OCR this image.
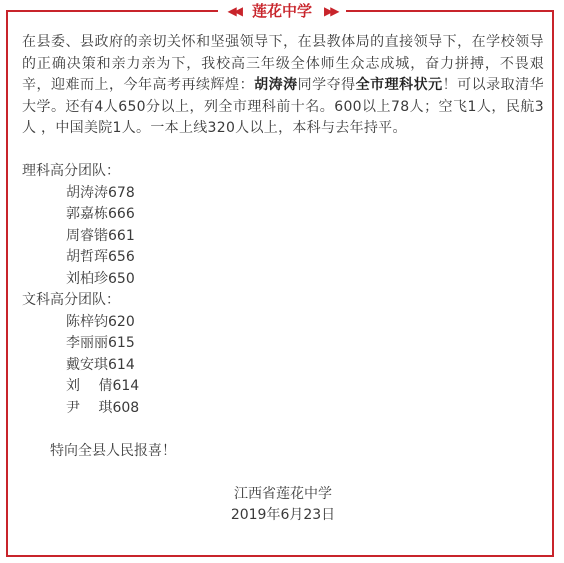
◀◀ 莲花中学	▶▶

在县委、县政府的亲切关怀和坚强领导下，在县教体局的直接领导下，在学校领导的正确决策和亲力亲为下，我校高三年级全体师生众志成城，奋力拼搏，不畏艰辛，迎难而上，今年高考再续辉煌：胡涛涛同学夺得全市理科状元！可以录取清华大学。还有4人650分以上，列全市理科前十名。600以上78人；空飞1人，民航3人 ，中国美院1人。一本上线320人以上，本科与去年持平。

理科高分团队：

胡涛涛678

郭嘉栋666

周睿锴661

胡哲珲656

刘柏珍650

文科高分团队：

陈梓钧620

李丽丽615

戴安琪614

刘　 倩614

尹　 琪608

特向全县人民报喜！

江西省莲花中学

2019年6月23日
